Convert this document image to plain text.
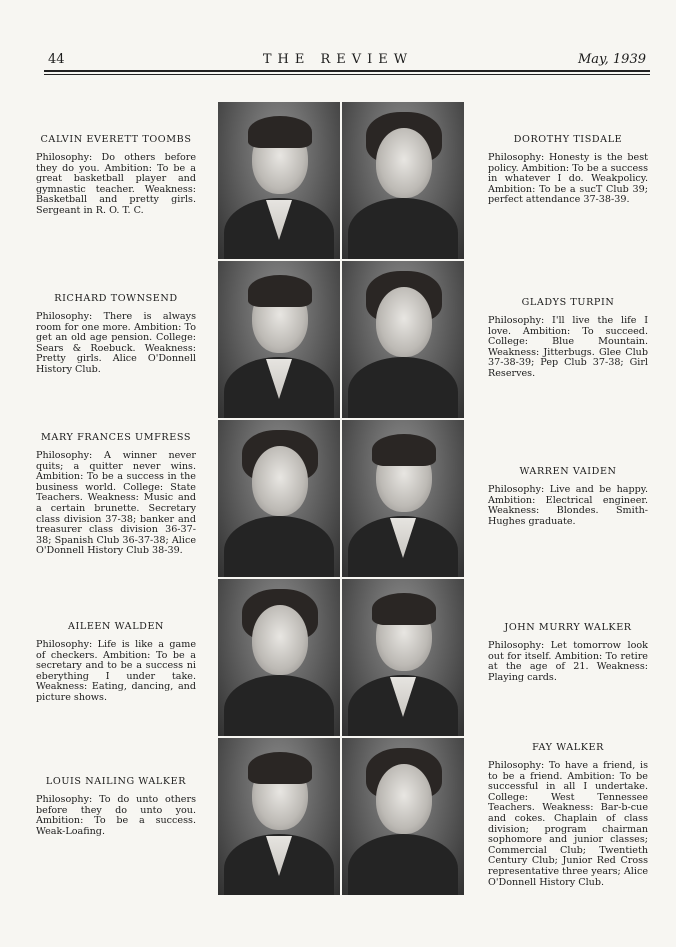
44	THE REVIEW	May, 1939
CALVIN EVERETT TOOMBS
Philosophy: Do others before they do you. Ambition: To be a great basketball player and gymnastic teacher. Weakness: Basketball and pretty girls. Sergeant in R. O. T. C.
DOROTHY TISDALE
Philosophy: Honesty is the best policy. Ambition: To be a success in whatever I do. Weakpolicy. Ambition: To be a sucT Club 39; perfect attendance 37-38-39.
RICHARD TOWNSEND
Philosophy: There is always room for one more. Ambition: To get an old age pension. College: Sears & Roebuck. Weakness: Pretty girls. Alice O'Donnell History Club.
GLADYS TURPIN
Philosophy: I'll live the life I love. Ambition: To succeed. College: Blue Mountain. Weakness: Jitterbugs. Glee Club 37-38-39; Pep Club 37-38; Girl Reserves.
MARY FRANCES UMFRESS
Philosophy: A winner never quits; a quitter never wins. Ambition: To be a success in the business world. College: State Teachers. Weakness: Music and a certain brunette. Secretary class division 37-38; banker and treasurer class division 36-37-38; Spanish Club 36-37-38; Alice O'Donnell History Club 38-39.
WARREN VAIDEN
Philosophy: Live and be happy. Ambition: Electrical engineer. Weakness: Blondes. Smith-Hughes graduate.
AILEEN WALDEN
Philosophy: Life is like a game of checkers. Ambition: To be a secretary and to be a success ni eberything I under take. Weakness: Eating, dancing, and picture shows.
JOHN MURRY WALKER
Philosophy: Let tomorrow look out for itself. Ambition: To retire at the age of 21. Weakness: Playing cards.
LOUIS NAILING WALKER
Philosophy: To do unto others before they do unto you. Ambition: To be a success. Weak-Loafing.
FAY WALKER
Philosophy: To have a friend, is to be a friend. Ambition: To be successful in all I undertake. College: West Tennessee Teachers. Weakness: Bar-b-cue and cokes. Chaplain of class division; program chairman sophomore and junior classes; Commercial Club; Twentieth Century Club; Junior Red Cross representative three years; Alice O'Donnell History Club.
